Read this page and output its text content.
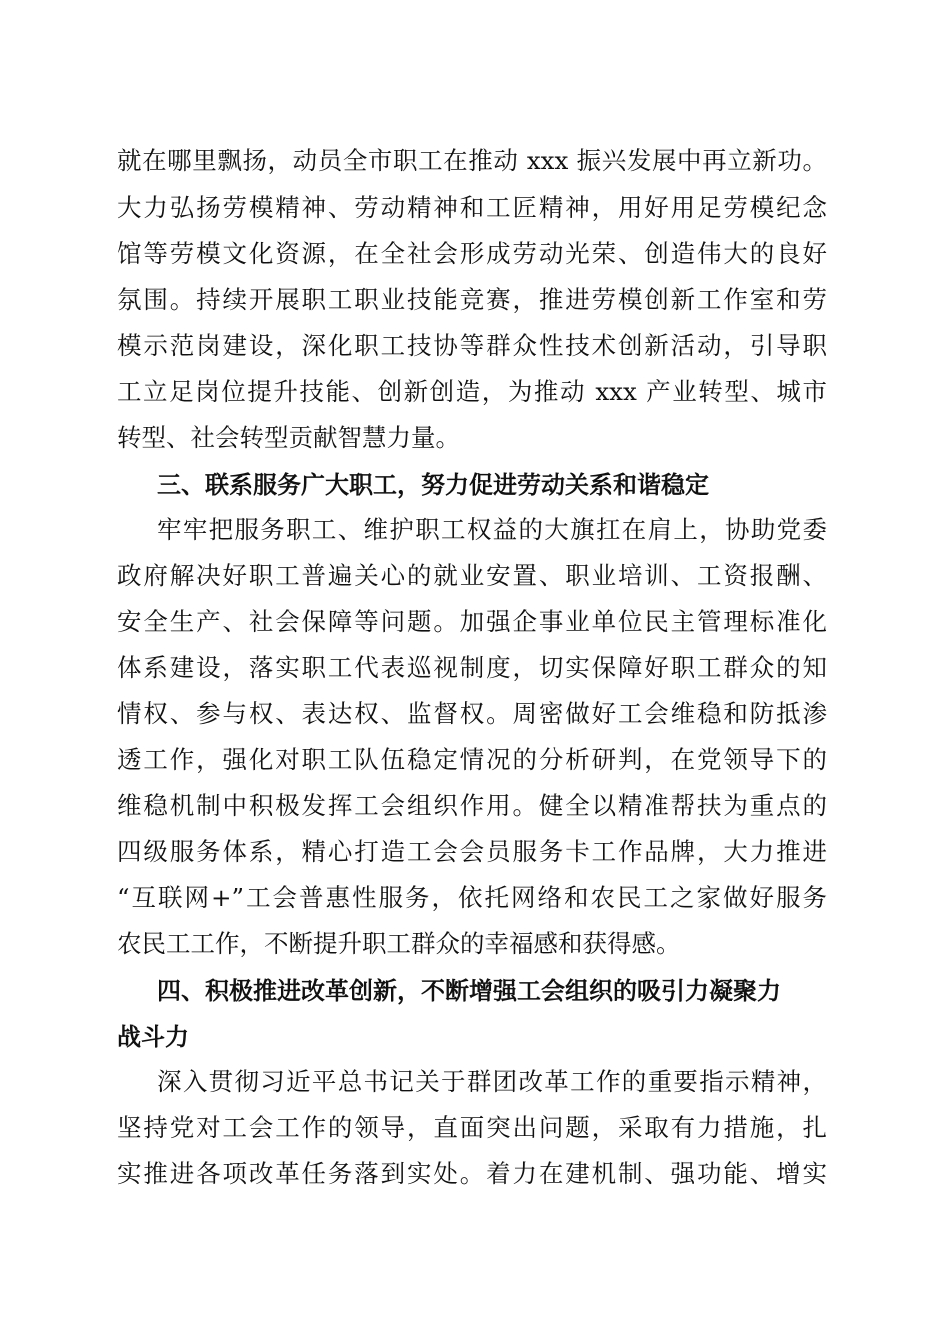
就在哪里飘扬，动员全市职工在推动 xxx 振兴发展中再立新功。
大力弘扬劳模精神、劳动精神和工匠精神，用好用足劳模纪念
馆等劳模文化资源，在全社会形成劳动光荣、创造伟大的良好
氛围。持续开展职工职业技能竞赛，推进劳模创新工作室和劳
模示范岗建设，深化职工技协等群众性技术创新活动，引导职
工立足岗位提升技能、创新创造，为推动 xxx 产业转型、城市
转型、社会转型贡献智慧力量。
三、联系服务广大职工，努力促进劳动关系和谐稳定
牢牢把服务职工、维护职工权益的大旗扛在肩上，协助党委
政府解决好职工普遍关心的就业安置、职业培训、工资报酬、
安全生产、社会保障等问题。加强企事业单位民主管理标准化
体系建设，落实职工代表巡视制度，切实保障好职工群众的知
情权、参与权、表达权、监督权。周密做好工会维稳和防抵渗
透工作，强化对职工队伍稳定情况的分析研判，在党领导下的
维稳机制中积极发挥工会组织作用。健全以精准帮扶为重点的
四级服务体系，精心打造工会会员服务卡工作品牌，大力推进
“互联网+”工会普惠性服务，依托网络和农民工之家做好服务
农民工工作，不断提升职工群众的幸福感和获得感。
四、积极推进改革创新，不断增强工会组织的吸引力凝聚力
战斗力
深入贯彻习近平总书记关于群团改革工作的重要指示精神，
坚持党对工会工作的领导，直面突出问题，采取有力措施，扎
实推进各项改革任务落到实处。着力在建机制、强功能、增实
